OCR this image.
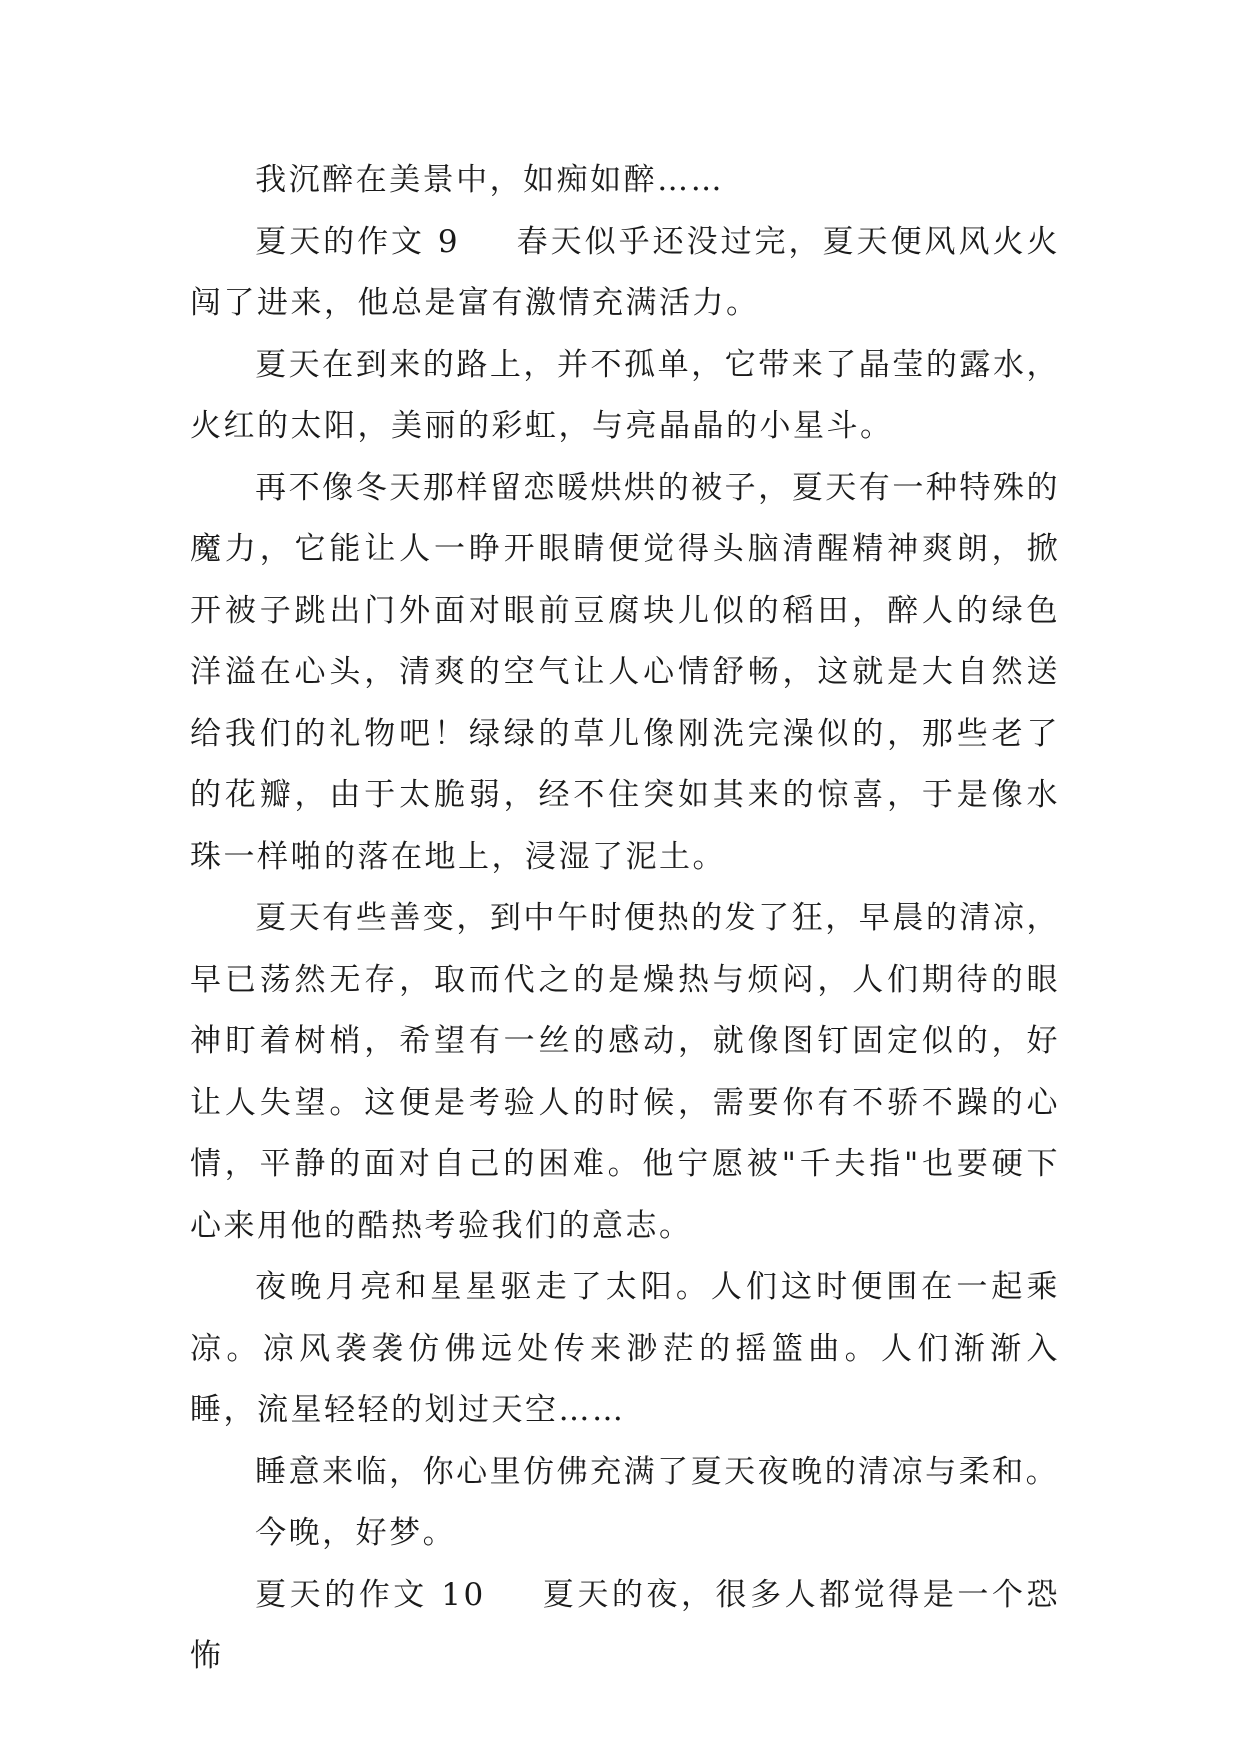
我沉醉在美景中，如痴如醉……

夏天的作文 9 春天似乎还没过完，夏天便风风火火闯了进来，他总是富有激情充满活力。

夏天在到来的路上，并不孤单，它带来了晶莹的露水，火红的太阳，美丽的彩虹，与亮晶晶的小星斗。

再不像冬天那样留恋暖烘烘的被子，夏天有一种特殊的魔力，它能让人一睁开眼睛便觉得头脑清醒精神爽朗，掀开被子跳出门外面对眼前豆腐块儿似的稻田，醉人的绿色洋溢在心头，清爽的空气让人心情舒畅，这就是大自然送给我们的礼物吧！绿绿的草儿像刚洗完澡似的，那些老了的花瓣，由于太脆弱，经不住突如其来的惊喜，于是像水珠一样啪的落在地上，浸湿了泥土。

夏天有些善变，到中午时便热的发了狂，早晨的清凉，早已荡然无存，取而代之的是燥热与烦闷，人们期待的眼神盯着树梢，希望有一丝的感动，就像图钉固定似的，好让人失望。这便是考验人的时候，需要你有不骄不躁的心情，平静的面对自己的困难。他宁愿被"千夫指"也要硬下心来用他的酷热考验我们的意志。

夜晚月亮和星星驱走了太阳。人们这时便围在一起乘凉。凉风袭袭仿佛远处传来渺茫的摇篮曲。人们渐渐入睡，流星轻轻的划过天空……

睡意来临，你心里仿佛充满了夏天夜晚的清凉与柔和。

今晚，好梦。

夏天的作文 10 夏天的夜，很多人都觉得是一个恐怖
